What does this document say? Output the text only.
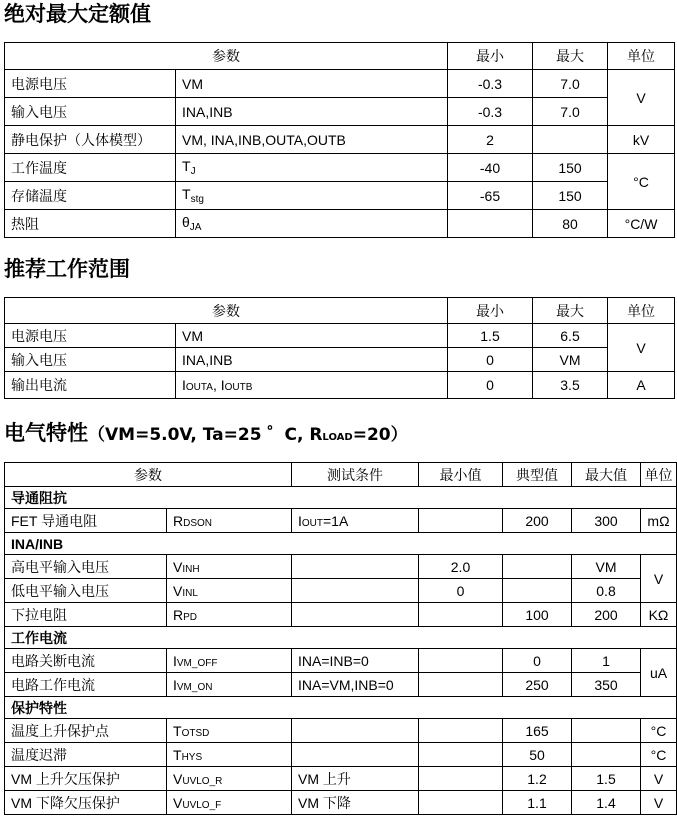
绝对最大定额值
参数		最小	最大	单位
电源电压	VM	-0.3	7.0	V
输入电压	INA,INB	-0.3	7.0	
静电保护（人体模型）	VM, INA,INB,OUTA,OUTB	2		kV
工作温度	$T_J$	-40	150	°C
存储温度	$T_{stg}$	-65	150	
热阻	$\theta_{JA}$		80	°C/W
推荐工作范围
参数		最小	最大	单位
电源电压	VM	1.5	6.5	V
输入电压	INA,INB	0	VM	
输出电流	IOUTA, IOUTB	0	3.5	A
电气特性（VM=5.0V, Ta=25 ゜C, RLOAD=20）
参数		测试条件	最小值	典型值	最大值	单位
导通阻抗						
FET 导通电阻	RDSON	IOUT=1A		200	300	mΩ
INA/INB						
高电平输入电压	VINH		2.0		VM	V
低电平输入电压	VINL		0		0.8	
下拉电阻	RPD			100	200	KΩ
工作电流						
电路关断电流	IVM_OFF	INA=INB=0		0	1	uA
电路工作电流	IVM_ON	INA=VM,INB=0		250	350	
保护特性						
温度上升保护点	TOTSD			165		°C
温度迟滞	THYS			50		°C
VM 上升欠压保护	VUVLO_R	VM 上升		1.2	1.5	V
VM 下降欠压保护	VUVLO_F	VM 下降		1.1	1.4	V
